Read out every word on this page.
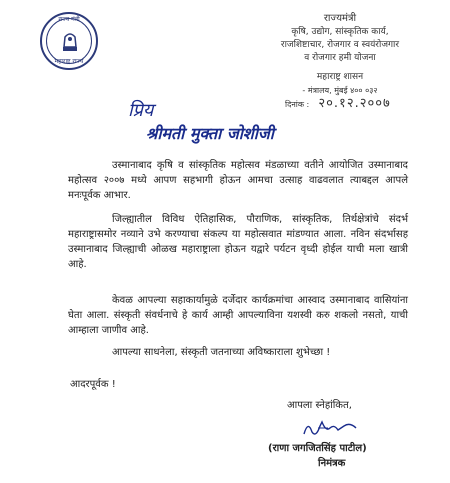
राज्य मंत्री
महाराष्ट्र राज्य
राज्यमंत्री
कृषि, उद्योग, सांस्कृतिक कार्य,
राजशिष्टाचार, रोजगार व स्वयंरोजगार
व रोजगार हमी योजना
महाराष्ट्र शासन
- मंत्रालय, मुंबई ४०० ०३२
दिनांक : २०.१२.२००७
प्रिय
श्रीमती मुक्ता जोशीजी
उस्मानाबाद कृषि व सांस्कृतिक महोत्सव मंडळाच्या वतीने आयोजित उस्मानाबाद महोत्सव २००७ मध्ये आपण सहभागी होऊन आमचा उत्साह वाढवलात त्याबद्दल आपले मनःपूर्वक आभार.
जिल्ह्यातील विविध ऐतिहासिक, पौराणिक, सांस्कृतिक, तिर्थक्षेत्रांचे संदर्भ महाराष्ट्रासमोर नव्याने उभे करण्याचा संकल्प या महोत्सवात मांडण्यात आला. नविन संदर्भासह उस्मानाबाद जिल्ह्याची ओळख महाराष्ट्राला होऊन यद्वारे पर्यटन वृध्दी होईल याची मला खात्री आहे.
केवळ आपल्या सहाकार्यामुळे दर्जेदार कार्यक्रमांचा आस्वाद उस्मानाबाद वासियांना घेता आला. संस्कृती संवर्धनाचे हे कार्य आम्ही आपल्याविना यशस्वी करु शकलो नसतो, याची आम्हाला जाणीव आहे.
आपल्या साधनेला, संस्कृती जतनाच्या अविष्काराला शुभेच्छा !
आदरपूर्वक !
आपला स्नेहांकित,
(राणा जगजितसिंह पाटील)
निमंत्रक
